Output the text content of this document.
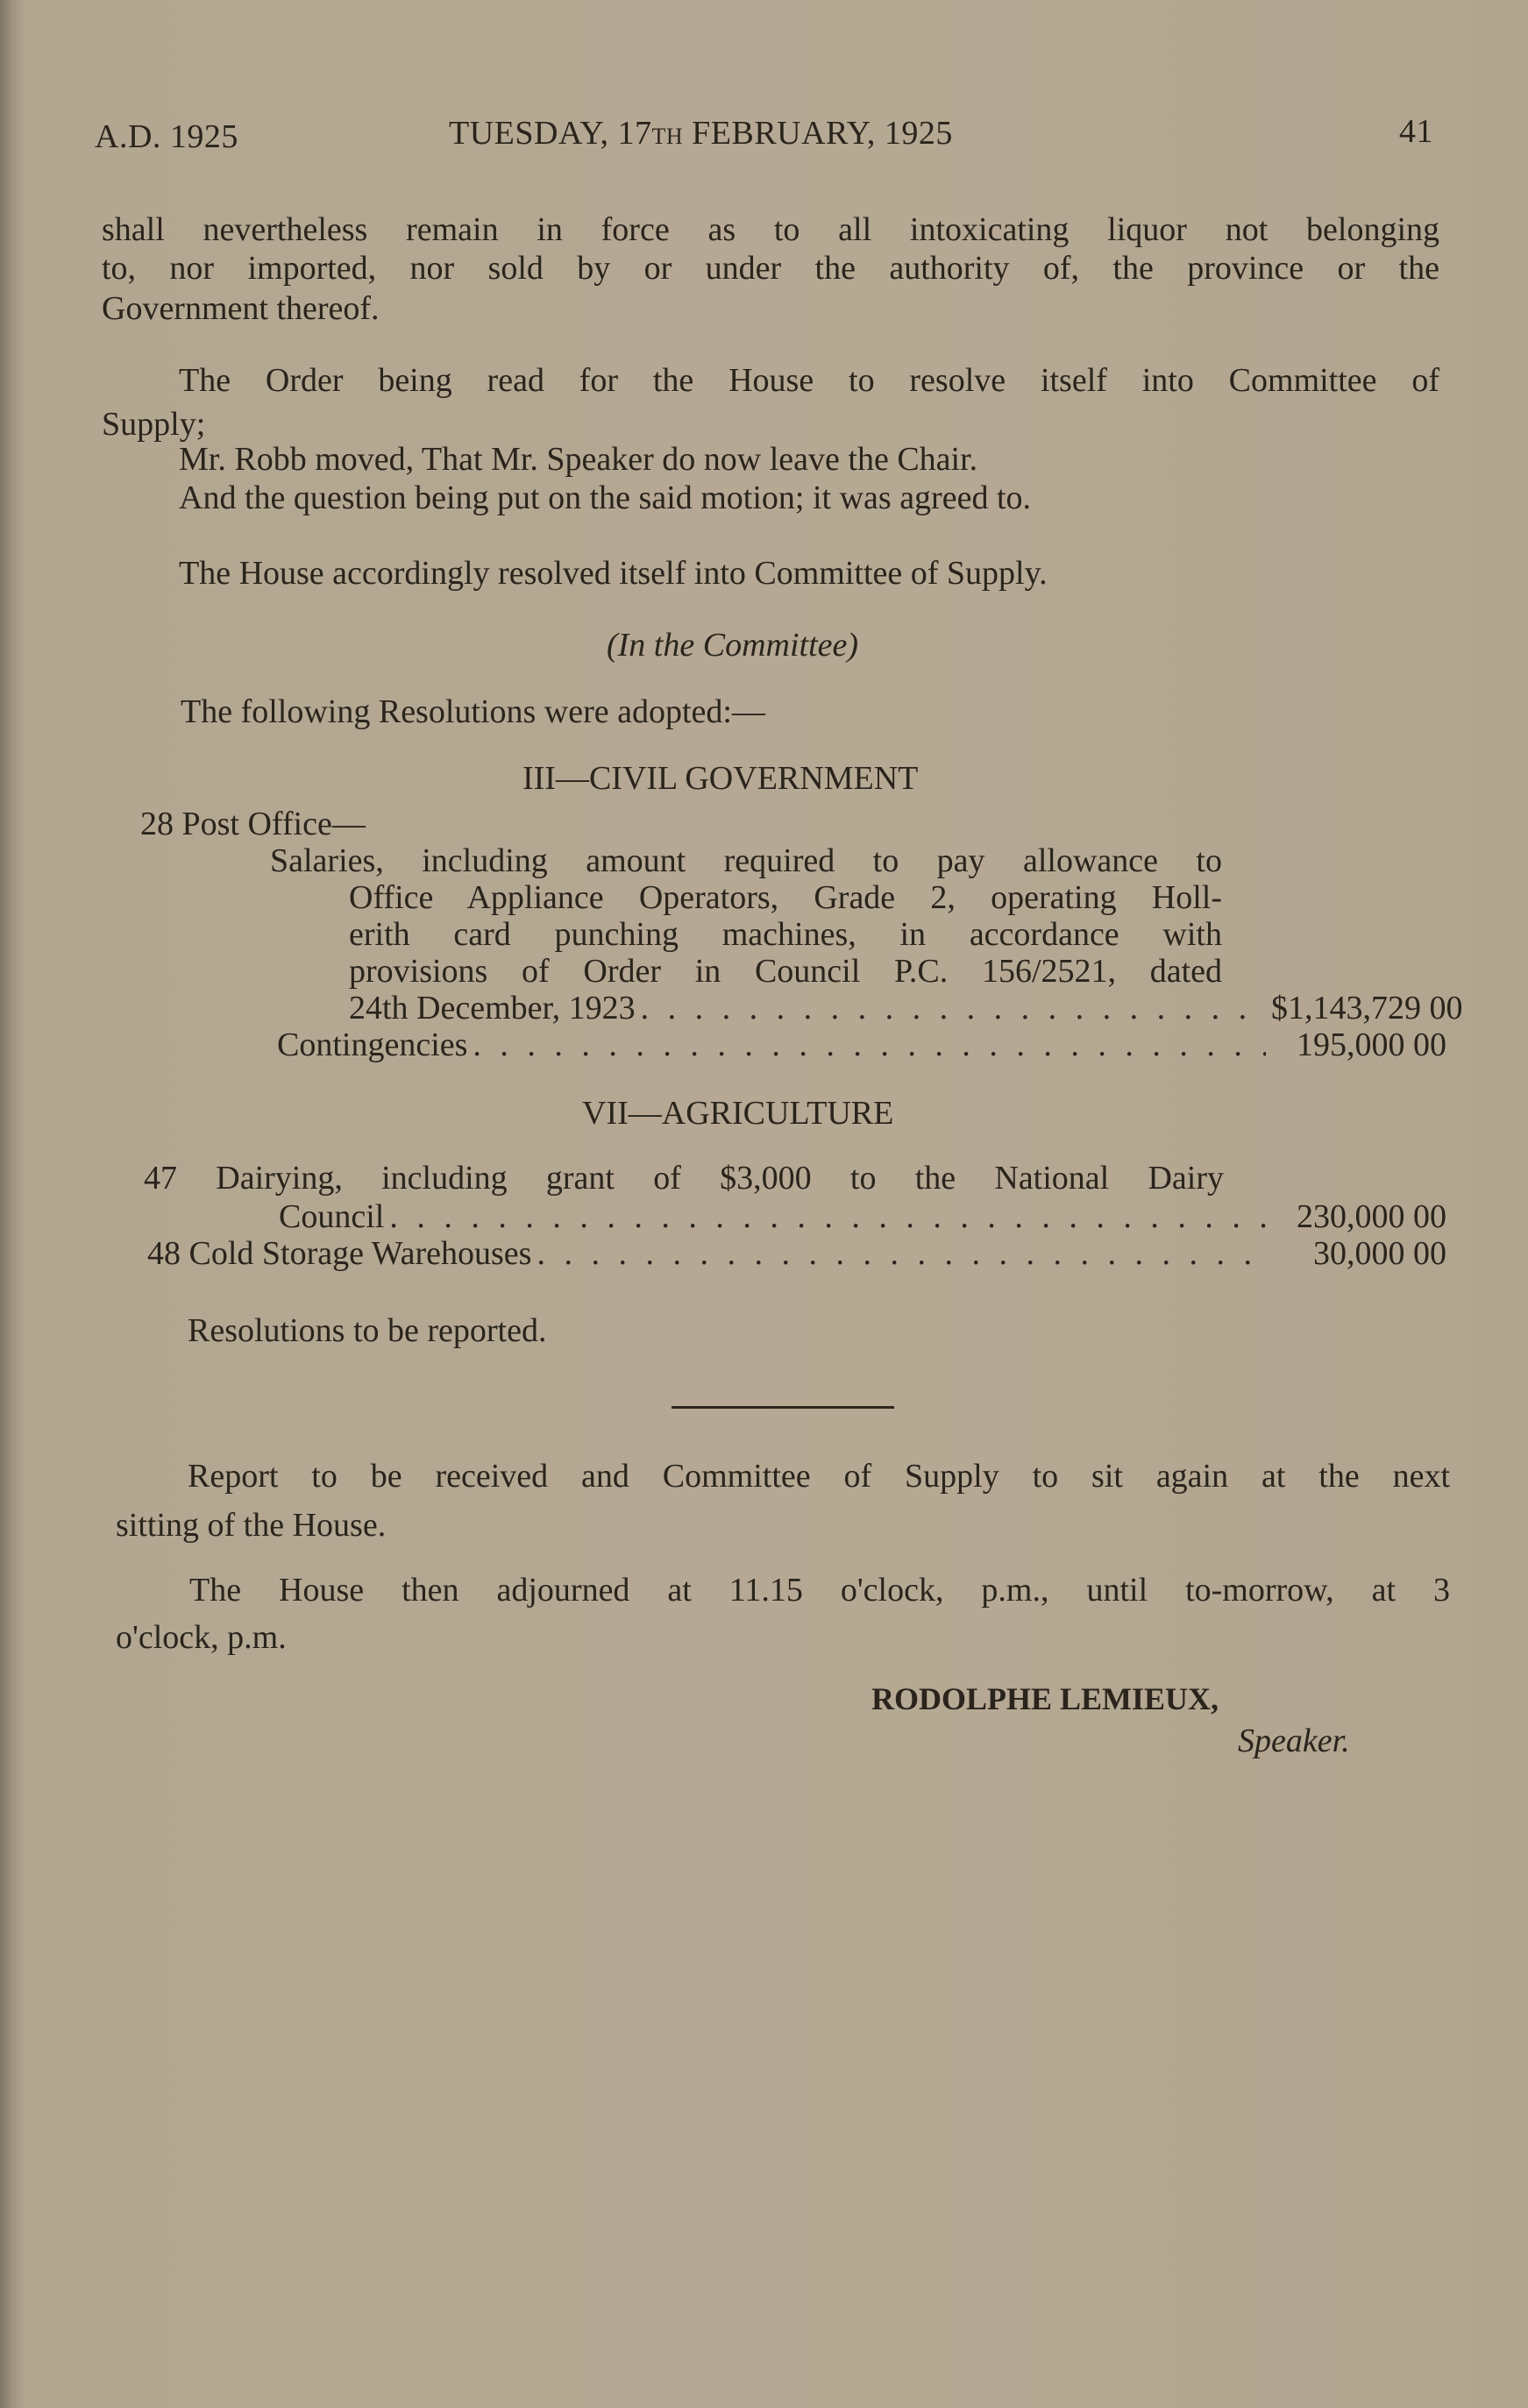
A.D. 1925	TUESDAY, 17TH FEBRUARY, 1925	41
shall nevertheless remain in force as to all intoxicating liquor not belonging
to, nor imported, nor sold by or under the authority of, the province or the
Government thereof.
The Order being read for the House to resolve itself into Committee of
Supply;
Mr. Robb moved, That Mr. Speaker do now leave the Chair.
And the question being put on the said motion; it was agreed to.
The House accordingly resolved itself into Committee of Supply.
(In the Committee)
The following Resolutions were adopted:—
III—CIVIL GOVERNMENT
28 Post Office—
Salaries, including amount required to pay allowance to
Office Appliance Operators, Grade 2, operating Holl-
erith card punching machines, in accordance with
provisions of Order in Council P.C. 156/2521, dated
24th December, 1923 . . .	$1,143,729 00
Contingencies . . .	195,000 00
VII—AGRICULTURE
47 Dairying, including grant of $3,000 to the National Dairy
Council . . .	230,000 00
48 Cold Storage Warehouses . . .	30,000 00
Resolutions to be reported.
Report to be received and Committee of Supply to sit again at the next
sitting of the House.
The House then adjourned at 11.15 o'clock, p.m., until to-morrow, at 3
o'clock, p.m.
RODOLPHE LEMIEUX,
Speaker.
